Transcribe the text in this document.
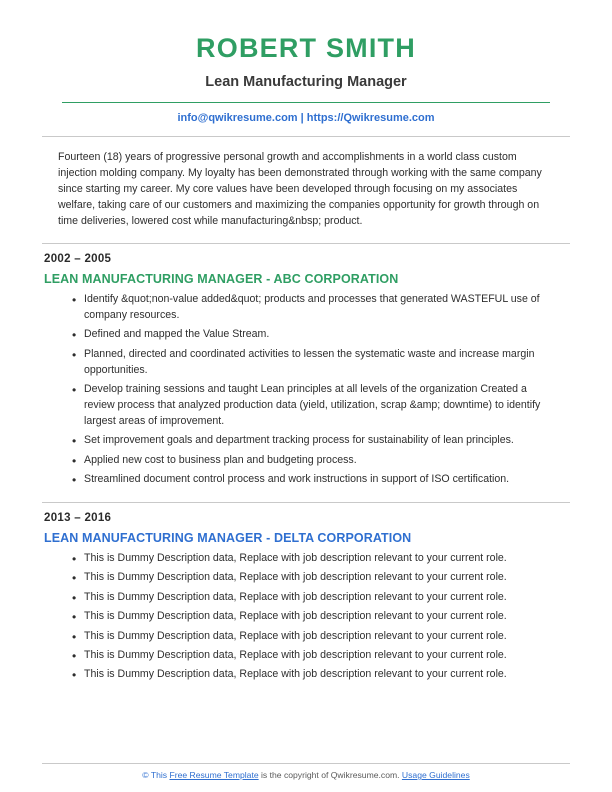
ROBERT SMITH
Lean Manufacturing Manager
info@qwikresume.com | https://Qwikresume.com

Fourteen (18) years of progressive personal growth and accomplishments in a world class custom injection molding company. My loyalty has been demonstrated through working with the same company since starting my career. My core values have been developed through focusing on my associates welfare, taking care of our customers and maximizing the companies opportunity for growth through on time deliveries, lowered cost while manufacturing&nbsp; product.

2002 – 2005
LEAN MANUFACTURING MANAGER - ABC CORPORATION
• Identify &quot;non-value added&quot; products and processes that generated WASTEFUL use of company resources.
• Defined and mapped the Value Stream.
• Planned, directed and coordinated activities to lessen the systematic waste and increase margin opportunities.
• Develop training sessions and taught Lean principles at all levels of the organization Created a review process that analyzed production data (yield, utilization, scrap &amp; downtime) to identify largest areas of improvement.
• Set improvement goals and department tracking process for sustainability of lean principles.
• Applied new cost to business plan and budgeting process.
• Streamlined document control process and work instructions in support of ISO certification.
2013 – 2016
LEAN MANUFACTURING MANAGER - DELTA CORPORATION
• This is Dummy Description data, Replace with job description relevant to your current role.
• This is Dummy Description data, Replace with job description relevant to your current role.
• This is Dummy Description data, Replace with job description relevant to your current role.
• This is Dummy Description data, Replace with job description relevant to your current role.
• This is Dummy Description data, Replace with job description relevant to your current role.
• This is Dummy Description data, Replace with job description relevant to your current role.
• This is Dummy Description data, Replace with job description relevant to your current role.
© This Free Resume Template is the copyright of Qwikresume.com. Usage Guidelines
